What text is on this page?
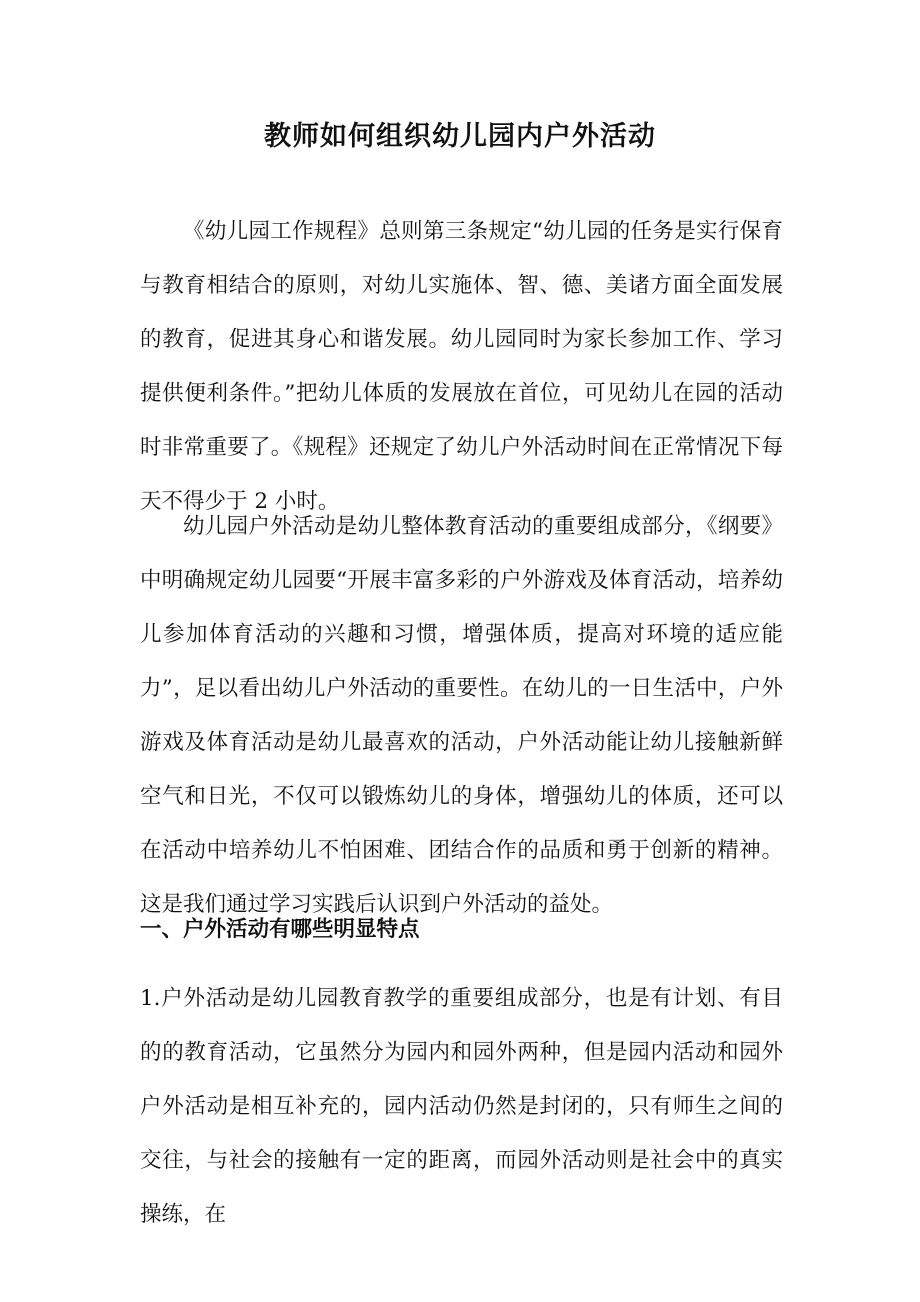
教师如何组织幼儿园内户外活动

《幼儿园工作规程》总则第三条规定“幼儿园的任务是实行保育与教育相结合的原则，对幼儿实施体、智、德、美诸方面全面发展的教育，促进其身心和谐发展。幼儿园同时为家长参加工作、学习提供便利条件。”把幼儿体质的发展放在首位，可见幼儿在园的活动时非常重要了。《规程》还规定了幼儿户外活动时间在正常情况下每天不得少于 2 小时。

幼儿园户外活动是幼儿整体教育活动的重要组成部分，《纲要》中明确规定幼儿园要“开展丰富多彩的户外游戏及体育活动，培养幼儿参加体育活动的兴趣和习惯，增强体质，提高对环境的适应能力”，足以看出幼儿户外活动的重要性。在幼儿的一日生活中，户外游戏及体育活动是幼儿最喜欢的活动，户外活动能让幼儿接触新鲜空气和日光，不仅可以锻炼幼儿的身体，增强幼儿的体质，还可以在活动中培养幼儿不怕困难、团结合作的品质和勇于创新的精神。这是我们通过学习实践后认识到户外活动的益处。

一、户外活动有哪些明显特点

1.户外活动是幼儿园教育教学的重要组成部分，也是有计划、有目的的教育活动，它虽然分为园内和园外两种，但是园内活动和园外户外活动是相互补充的，园内活动仍然是封闭的，只有师生之间的交往，与社会的接触有一定的距离，而园外活动则是社会中的真实操练，在
